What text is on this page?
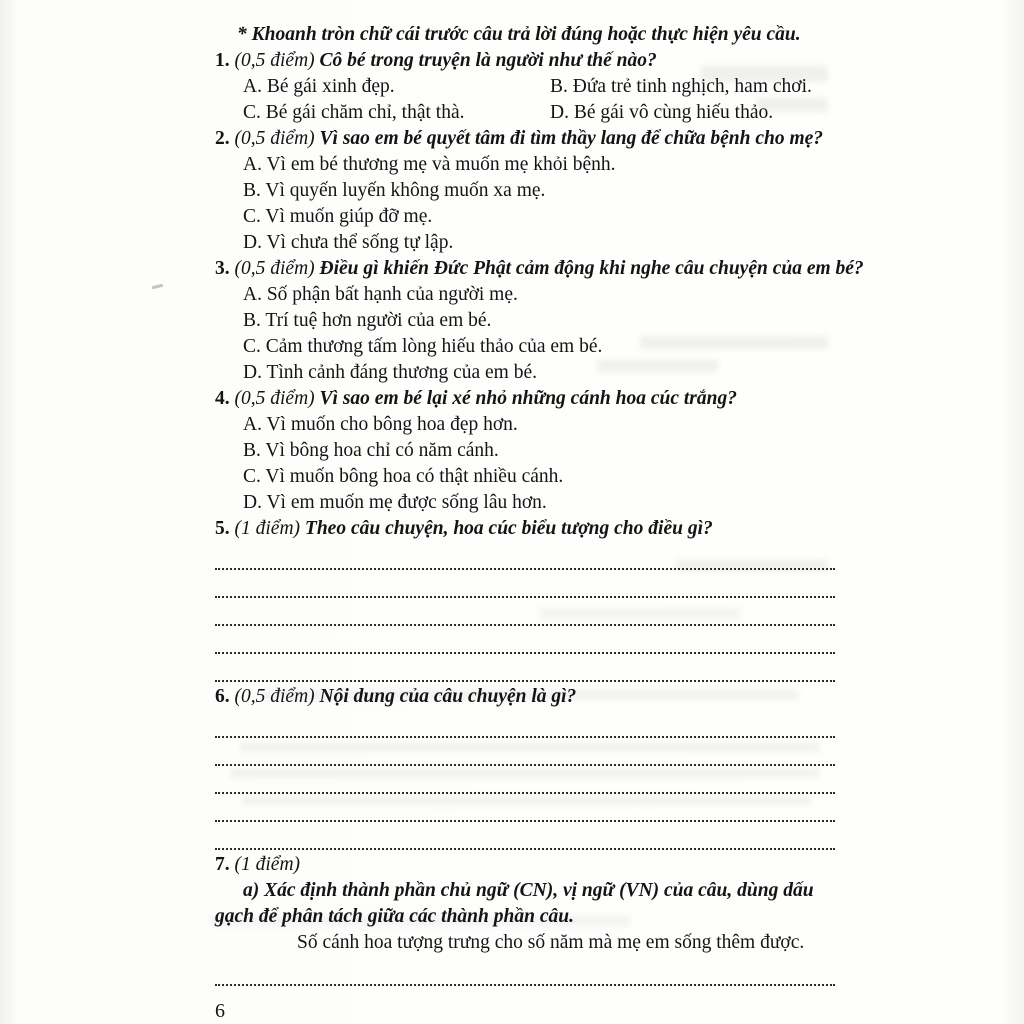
* Khoanh tròn chữ cái trước câu trả lời đúng hoặc thực hiện yêu cầu.

1. (0,5 điểm) Cô bé trong truyện là người như thế nào?

A. Bé gái xinh đẹp.	B. Đứa trẻ tinh nghịch, ham chơi.

C. Bé gái chăm chỉ, thật thà.	D. Bé gái vô cùng hiếu thảo.

2. (0,5 điểm) Vì sao em bé quyết tâm đi tìm thầy lang để chữa bệnh cho mẹ?

A. Vì em bé thương mẹ và muốn mẹ khỏi bệnh.

B. Vì quyến luyến không muốn xa mẹ.

C. Vì muốn giúp đỡ mẹ.

D. Vì chưa thể sống tự lập.

3. (0,5 điểm) Điều gì khiến Đức Phật cảm động khi nghe câu chuyện của em bé?

A. Số phận bất hạnh của người mẹ.

B. Trí tuệ hơn người của em bé.

C. Cảm thương tấm lòng hiếu thảo của em bé.

D. Tình cảnh đáng thương của em bé.

4. (0,5 điểm) Vì sao em bé lại xé nhỏ những cánh hoa cúc trắng?

A. Vì muốn cho bông hoa đẹp hơn.

B. Vì bông hoa chỉ có năm cánh.

C. Vì muốn bông hoa có thật nhiều cánh.

D. Vì em muốn mẹ được sống lâu hơn.

5. (1 điểm) Theo câu chuyện, hoa cúc biểu tượng cho điều gì?

6. (0,5 điểm) Nội dung của câu chuyện là gì?

7. (1 điểm)

a) Xác định thành phần chủ ngữ (CN), vị ngữ (VN) của câu, dùng dấu gạch để phân tách giữa các thành phần câu.

Số cánh hoa tượng trưng cho số năm mà mẹ em sống thêm được.

6
